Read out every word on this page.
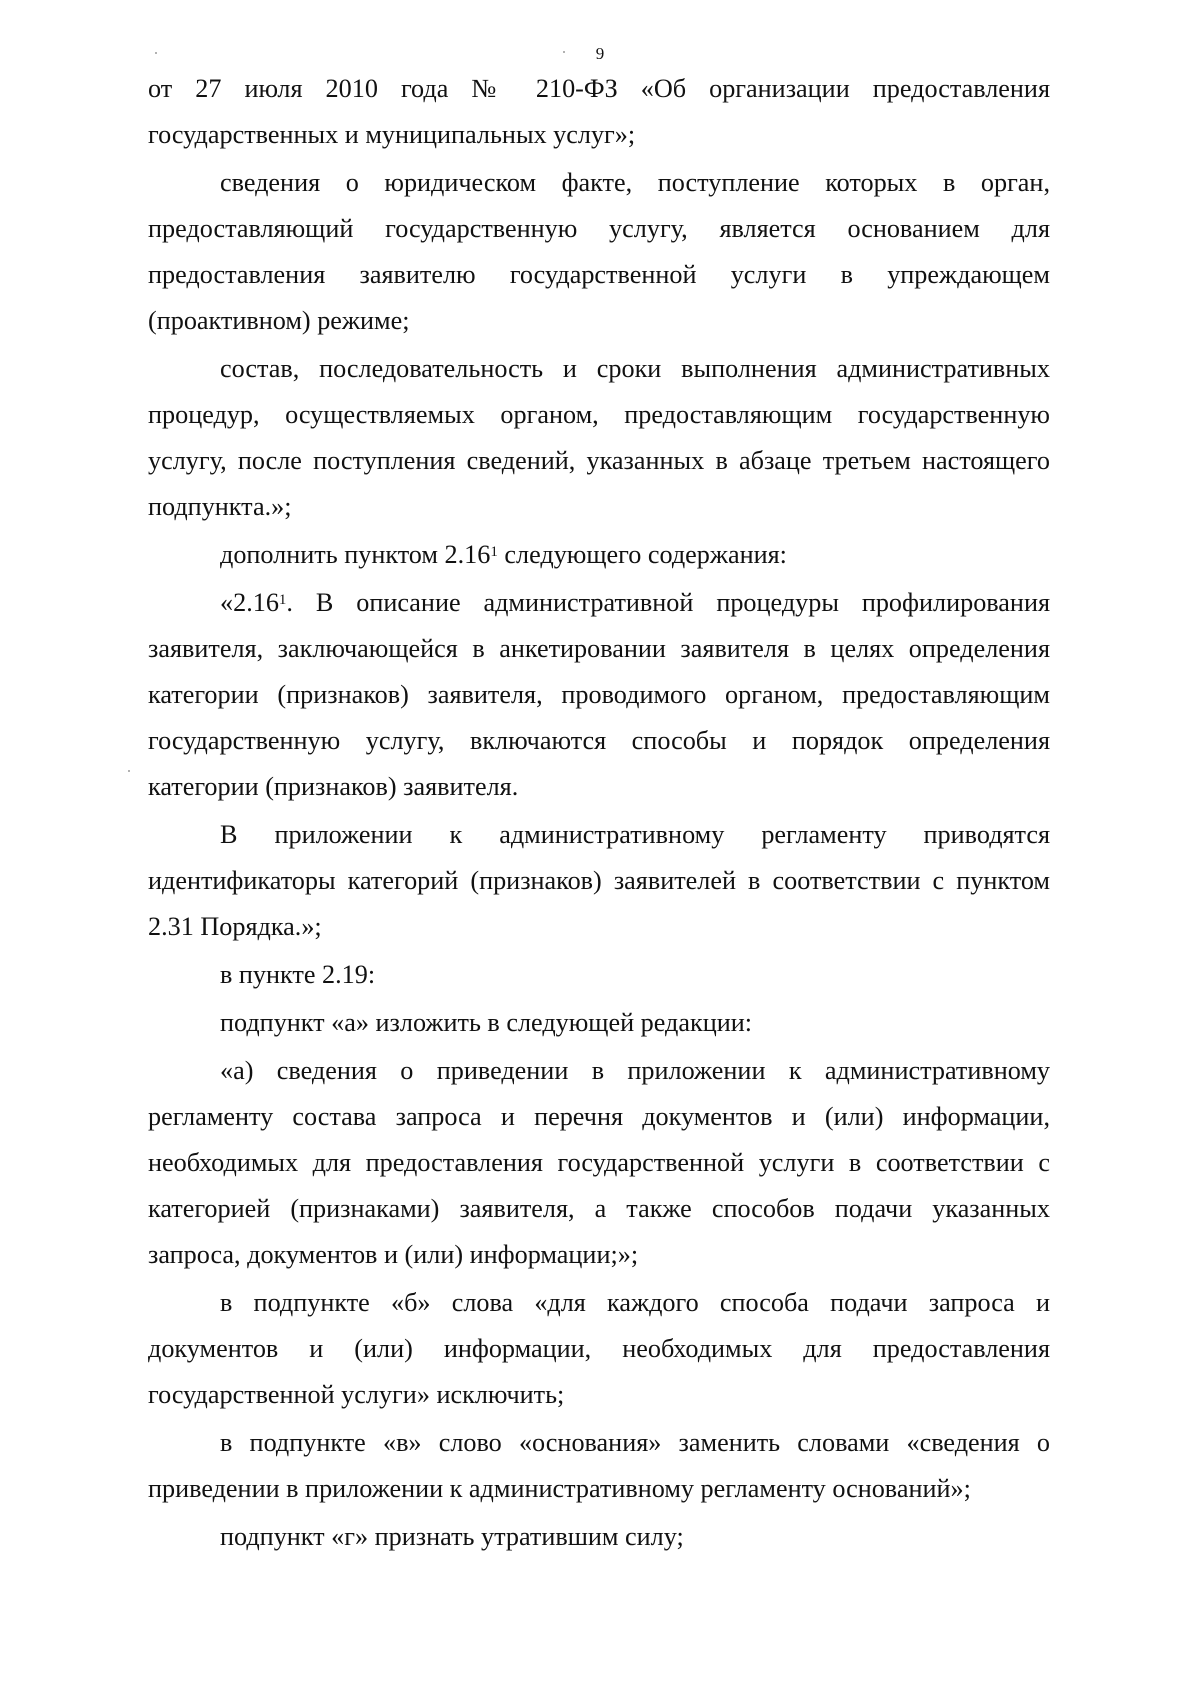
9

от 27 июля 2010 года № 210-ФЗ «Об организации предоставления государственных и муниципальных услуг»;

сведения о юридическом факте, поступление которых в орган, предоставляющий государственную услугу, является основанием для предоставления заявителю государственной услуги в упреждающем (проактивном) режиме;

состав, последовательность и сроки выполнения административных процедур, осуществляемых органом, предоставляющим государственную услугу, после поступления сведений, указанных в абзаце третьем настоящего подпункта.»;

дополнить пунктом 2.16$^1$ следующего содержания:

«2.16$^1$. В описание административной процедуры профилирования заявителя, заключающейся в анкетировании заявителя в целях определения категории (признаков) заявителя, проводимого органом, предоставляющим государственную услугу, включаются способы и порядок определения категории (признаков) заявителя.

В приложении к административному регламенту приводятся идентификаторы категорий (признаков) заявителей в соответствии с пунктом 2.31 Порядка.»;

в пункте 2.19:

подпункт «а» изложить в следующей редакции:

«а) сведения о приведении в приложении к административному регламенту состава запроса и перечня документов и (или) информации, необходимых для предоставления государственной услуги в соответствии с категорией (признаками) заявителя, а также способов подачи указанных запроса, документов и (или) информации;»;

в подпункте «б» слова «для каждого способа подачи запроса и документов и (или) информации, необходимых для предоставления государственной услуги» исключить;

в подпункте «в» слово «основания» заменить словами «сведения о приведении в приложении к административному регламенту оснований»;

подпункт «г» признать утратившим силу;
